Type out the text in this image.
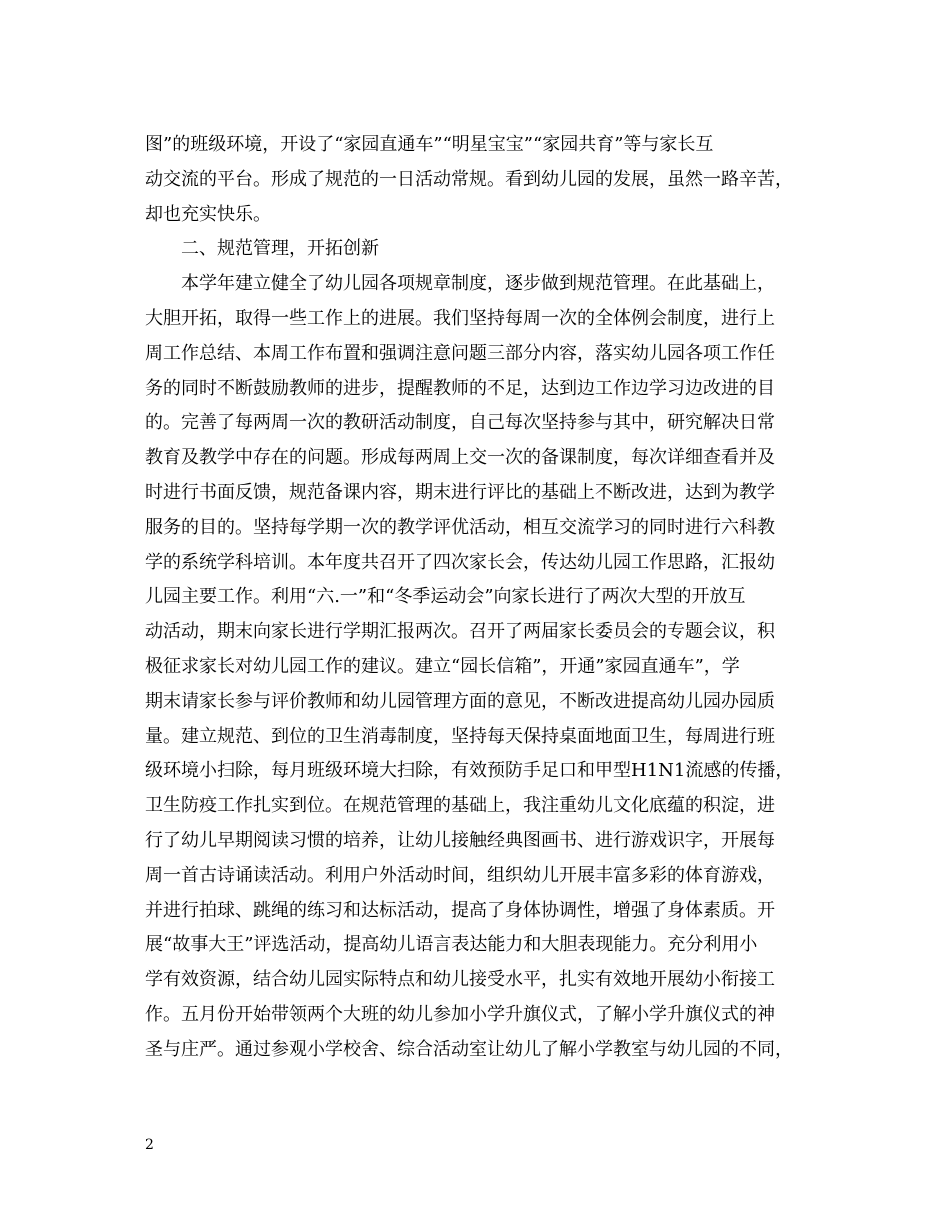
图”的班级环境，开设了“家园直通车”“明星宝宝”“家园共育”等与家长互
动交流的平台。形成了规范的一日活动常规。看到幼儿园的发展，虽然一路辛苦，
却也充实快乐。
　　二、规范管理，开拓创新
　　本学年建立健全了幼儿园各项规章制度，逐步做到规范管理。在此基础上，
大胆开拓，取得一些工作上的进展。我们坚持每周一次的全体例会制度，进行上
周工作总结、本周工作布置和强调注意问题三部分内容，落实幼儿园各项工作任
务的同时不断鼓励教师的进步，提醒教师的不足，达到边工作边学习边改进的目
的。完善了每两周一次的教研活动制度，自己每次坚持参与其中，研究解决日常
教育及教学中存在的问题。形成每两周上交一次的备课制度，每次详细查看并及
时进行书面反馈，规范备课内容，期末进行评比的基础上不断改进，达到为教学
服务的目的。坚持每学期一次的教学评优活动，相互交流学习的同时进行六科教
学的系统学科培训。本年度共召开了四次家长会，传达幼儿园工作思路，汇报幼
儿园主要工作。利用“六.一”和“冬季运动会”向家长进行了两次大型的开放互
动活动，期末向家长进行学期汇报两次。召开了两届家长委员会的专题会议，积
极征求家长对幼儿园工作的建议。建立“园长信箱”，开通”家园直通车”，学
期末请家长参与评价教师和幼儿园管理方面的意见，不断改进提高幼儿园办园质
量。建立规范、到位的卫生消毒制度，坚持每天保持桌面地面卫生，每周进行班
级环境小扫除，每月班级环境大扫除，有效预防手足口和甲型H1N1流感的传播，
卫生防疫工作扎实到位。在规范管理的基础上，我注重幼儿文化底蕴的积淀，进
行了幼儿早期阅读习惯的培养，让幼儿接触经典图画书、进行游戏识字，开展每
周一首古诗诵读活动。利用户外活动时间，组织幼儿开展丰富多彩的体育游戏，
并进行拍球、跳绳的练习和达标活动，提高了身体协调性，增强了身体素质。开
展“故事大王”评选活动，提高幼儿语言表达能力和大胆表现能力。充分利用小
学有效资源，结合幼儿园实际特点和幼儿接受水平，扎实有效地开展幼小衔接工
作。五月份开始带领两个大班的幼儿参加小学升旗仪式，了解小学升旗仪式的神
圣与庄严。通过参观小学校舍、综合活动室让幼儿了解小学教室与幼儿园的不同，
2
